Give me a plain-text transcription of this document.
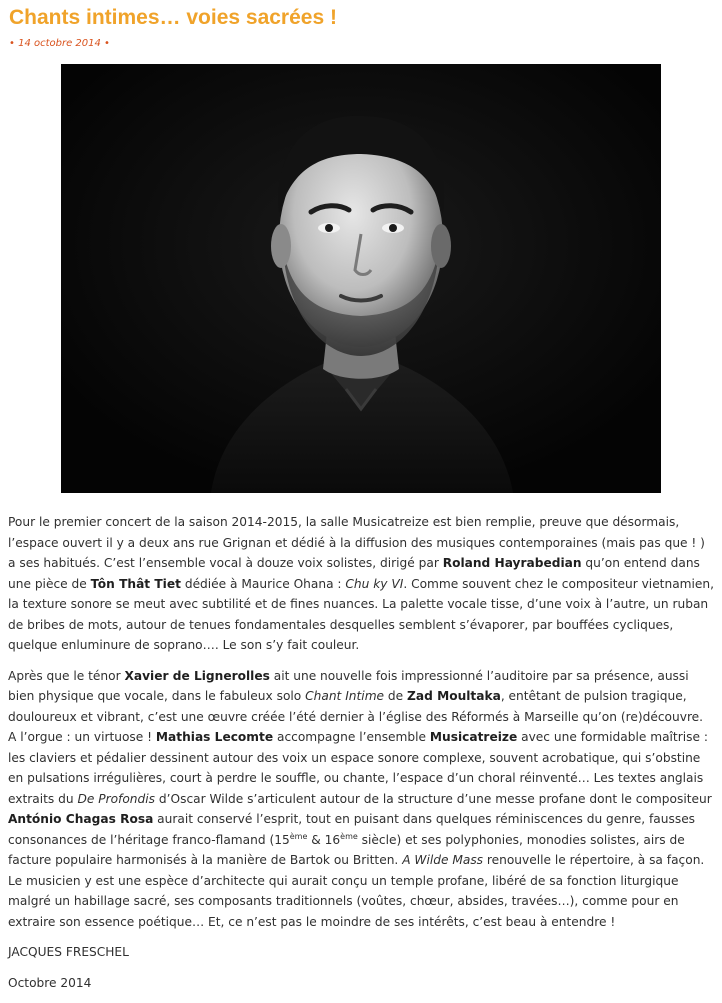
Chants intimes… voies sacrées !
• 14 octobre 2014 •

Pour le premier concert de la saison 2014-2015, la salle Musicatreize est bien remplie, preuve que désormais, l’espace ouvert il y a deux ans rue Grignan et dédié à la diffusion des musiques contemporaines (mais pas que ! ) a ses habitués. C’est l’ensemble vocal à douze voix solistes, dirigé par Roland Hayrabedian qu’on entend dans une pièce de Tôn Thât Tiet dédiée à Maurice Ohana : Chu ky VI. Comme souvent chez le compositeur vietnamien, la texture sonore se meut avec subtilité et de fines nuances. La palette vocale tisse, d’une voix à l’autre, un ruban de bribes de mots, autour de tenues fondamentales desquelles semblent s’évaporer, par bouffées cycliques, quelque enluminure de soprano…. Le son s’y fait couleur.

Après que le ténor Xavier de Lignerolles ait une nouvelle fois impressionné l’auditoire par sa présence, aussi bien physique que vocale, dans le fabuleux solo Chant Intime de Zad Moultaka, entêtant de pulsion tragique, douloureux et vibrant, c’est une œuvre créée l’été dernier à l’église des Réformés à Marseille qu’on (re)découvre. A l’orgue : un virtuose ! Mathias Lecomte accompagne l’ensemble Musicatreize avec une formidable maîtrise : les claviers et pédalier dessinent autour des voix un espace sonore complexe, souvent acrobatique, qui s’obstine en pulsations irrégulières, court à perdre le souffle, ou chante, l’espace d’un choral réinventé… Les textes anglais extraits du De Profondis d’Oscar Wilde s’articulent autour de la structure d’une messe profane dont le compositeur António Chagas Rosa aurait conservé l’esprit, tout en puisant dans quelques réminiscences du genre, fausses consonances de l’héritage franco-flamand (15ème & 16ème siècle) et ses polyphonies, monodies solistes, airs de facture populaire harmonisés à la manière de Bartok ou Britten. A Wilde Mass renouvelle le répertoire, à sa façon. Le musicien y est une espèce d’architecte qui aurait conçu un temple profane, libéré de sa fonction liturgique malgré un habillage sacré, ses composants traditionnels (voûtes, chœur, absides, travées…), comme pour en extraire son essence poétique… Et, ce n’est pas le moindre de ses intérêts, c’est beau à entendre !

JACQUES FRESCHEL

Octobre 2014
